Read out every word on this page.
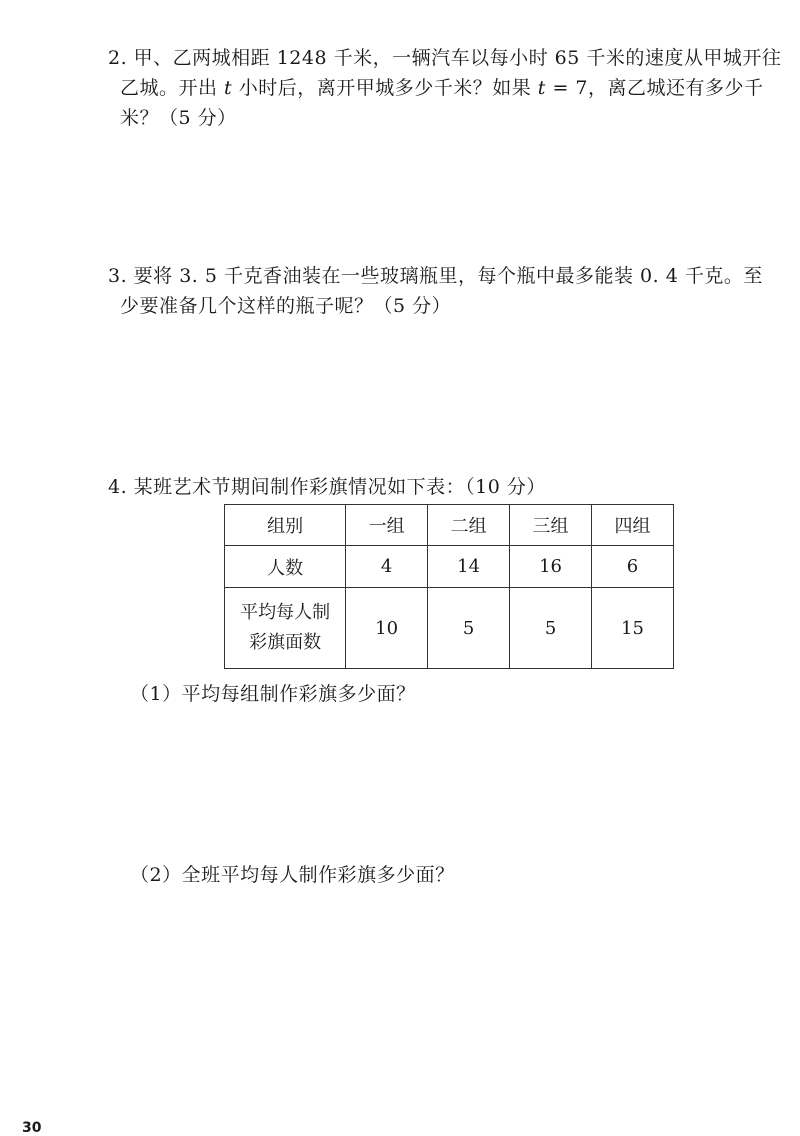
2. 甲、乙两城相距 1248 千米，一辆汽车以每小时 65 千米的速度从甲城开往
乙城。开出 t 小时后，离开甲城多少千米？如果 t = 7，离乙城还有多少千
米？（5 分）
3. 要将 3. 5 千克香油装在一些玻璃瓶里，每个瓶中最多能装 0. 4 千克。至
少要准备几个这样的瓶子呢？（5 分）
4. 某班艺术节期间制作彩旗情况如下表：（10 分）
组别	一组	二组	三组	四组
人数	4	14	16	6
平均每人制
彩旗面数	10	5	5	15
（1）平均每组制作彩旗多少面？
（2）全班平均每人制作彩旗多少面？
30
